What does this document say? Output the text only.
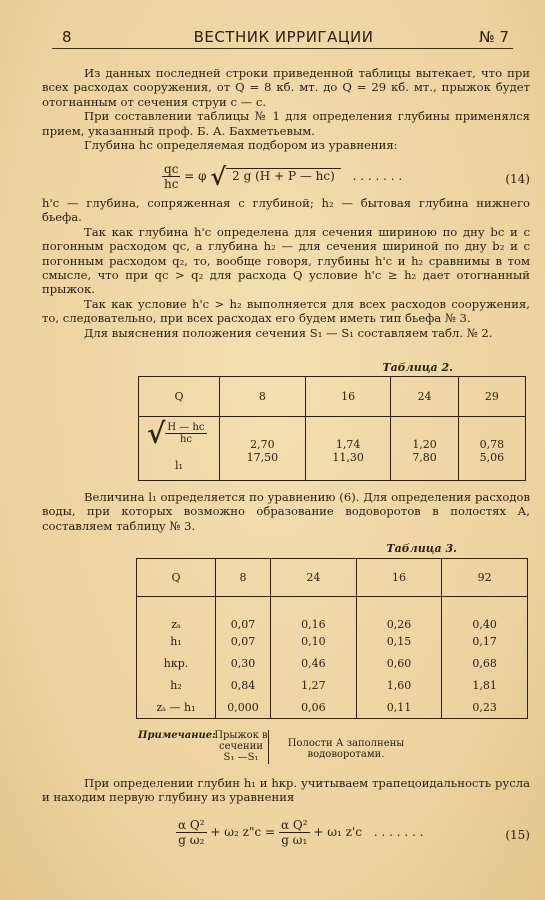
8	ВЕСТНИК ИРРИГАЦИИ	№ 7

Из данных последней строки приведенной таблицы вытекает, что при всех расходах сооружения, от Q = 8 кб. мт. до Q = 29 кб. мт., прыжок будет отогнанным от сечения струи с — с.

При составлении таблицы № 1 для определения глубины применялся прием, указанный проф. Б. А. Бахметьевым.

Глубина hс определяемая подбором из уравнения:

$\frac{qс}{hс} = \varphi$ √ 2 g (H + P — hс) . . . . . . .	(14)

h'с — глубина, сопряженная с глубиной; h₂ — бытовая глубина нижнего бьефа.

Так как глубина h'с определена для сечения шириною по дну bс и с погонным расходом qс, а глубина h₂ — для сечения шириной по дну b₂ и с погонным расходом q₂, то, вообще говоря, глубины h'с и h₂ сравнимы в том смысле, что при qс > q₂ для расхода Q условие h'с ≥ h₂ дает отогнанный прыжок.

Так как условие h'с > h₂ выполняется для всех расходов сооружения, то, следовательно, при всех расходах его будем иметь тип бьефа № 3.

Для выяснения положения сечения S₁ — S₁ составляем табл. № 2.

Таблица 2.
Q	8	16	24	29
√ $\frac{H — hс}{hс}$	2,70	1,74	1,20	0,78
l₁	17,50	11,30	7,80	5,06

Величина l₁ определяется по уравнению (6). Для определения расходов воды, при которых возможно образование водоворотов в полостях А, составляем таблицу № 3.

Таблица 3.
Q	8	24	16	92
zₛ	0,07	0,16	0,26	0,40
h₁	0,07	0,10	0,15	0,17
hкр.	0,30	0,46	0,60	0,68
h₂	0,84	1,27	1,60	1,81
zₛ — h₁	0,000	0,06	0,11	0,23
Примечание:
Прыжок в сечении S₁ —S₁
Полости А заполнены водоворотами.

При определении глубин h₁ и hкр. учитываем трапецоидальность русла и находим первую глубину из уравнения

$\frac{\text{α Q²}}{\text{g ω₂}} + \omega_2$ z"с = $\frac{\text{α Q²}}{\text{g ω₁}} + \omega_1$ z'с . . . . . . .	(15)
